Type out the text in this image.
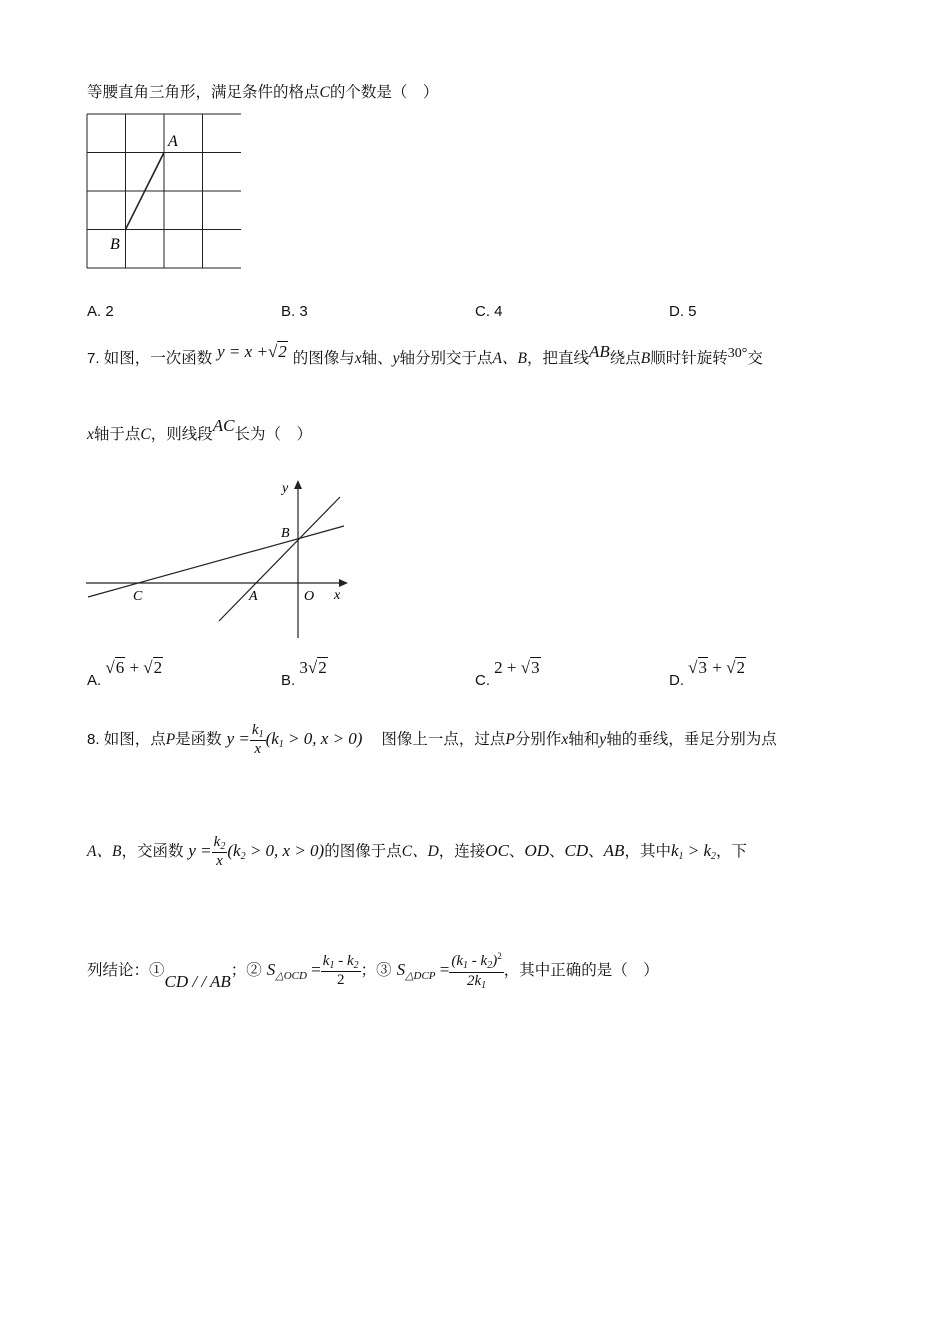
等腰直角三角形，满足条件的格点C的个数是（　）
A
B
A. 2	B. 3	C. 4	D. 5
7. 如图，一次函数 y = x +√2 的图像与x轴、y轴分别交于点A、B，把直线AB绕点B顺时针旋转30°交
x轴于点C，则线段AC长为（　）
y
x
B
C	A	O
A. √6 + √2
B. 3√2
C. 2 + √3
D. √3 + √2
8. 如图，点P是函数 $y = \frac{k_1}{x} (k_1 > 0$, x > 0) 图像上一点，过点P分别作x轴和y轴的垂线，垂足分别为点
A、B，交函数 $y = \frac{k_2}{x} (k_2 > 0$, x > 0)的图像于点C、D，连接OC、OD、CD、AB，其中$k_1 > k_2$，下
列结论：①CD / / AB；② $S_{\triangle OCD} = \frac{k_1 - k_2}{2}$ ；③ $S_{\triangle DCP} = \frac{(k_1 - k_2)^2}{2k_1}$ ，其中正确的是（　）
